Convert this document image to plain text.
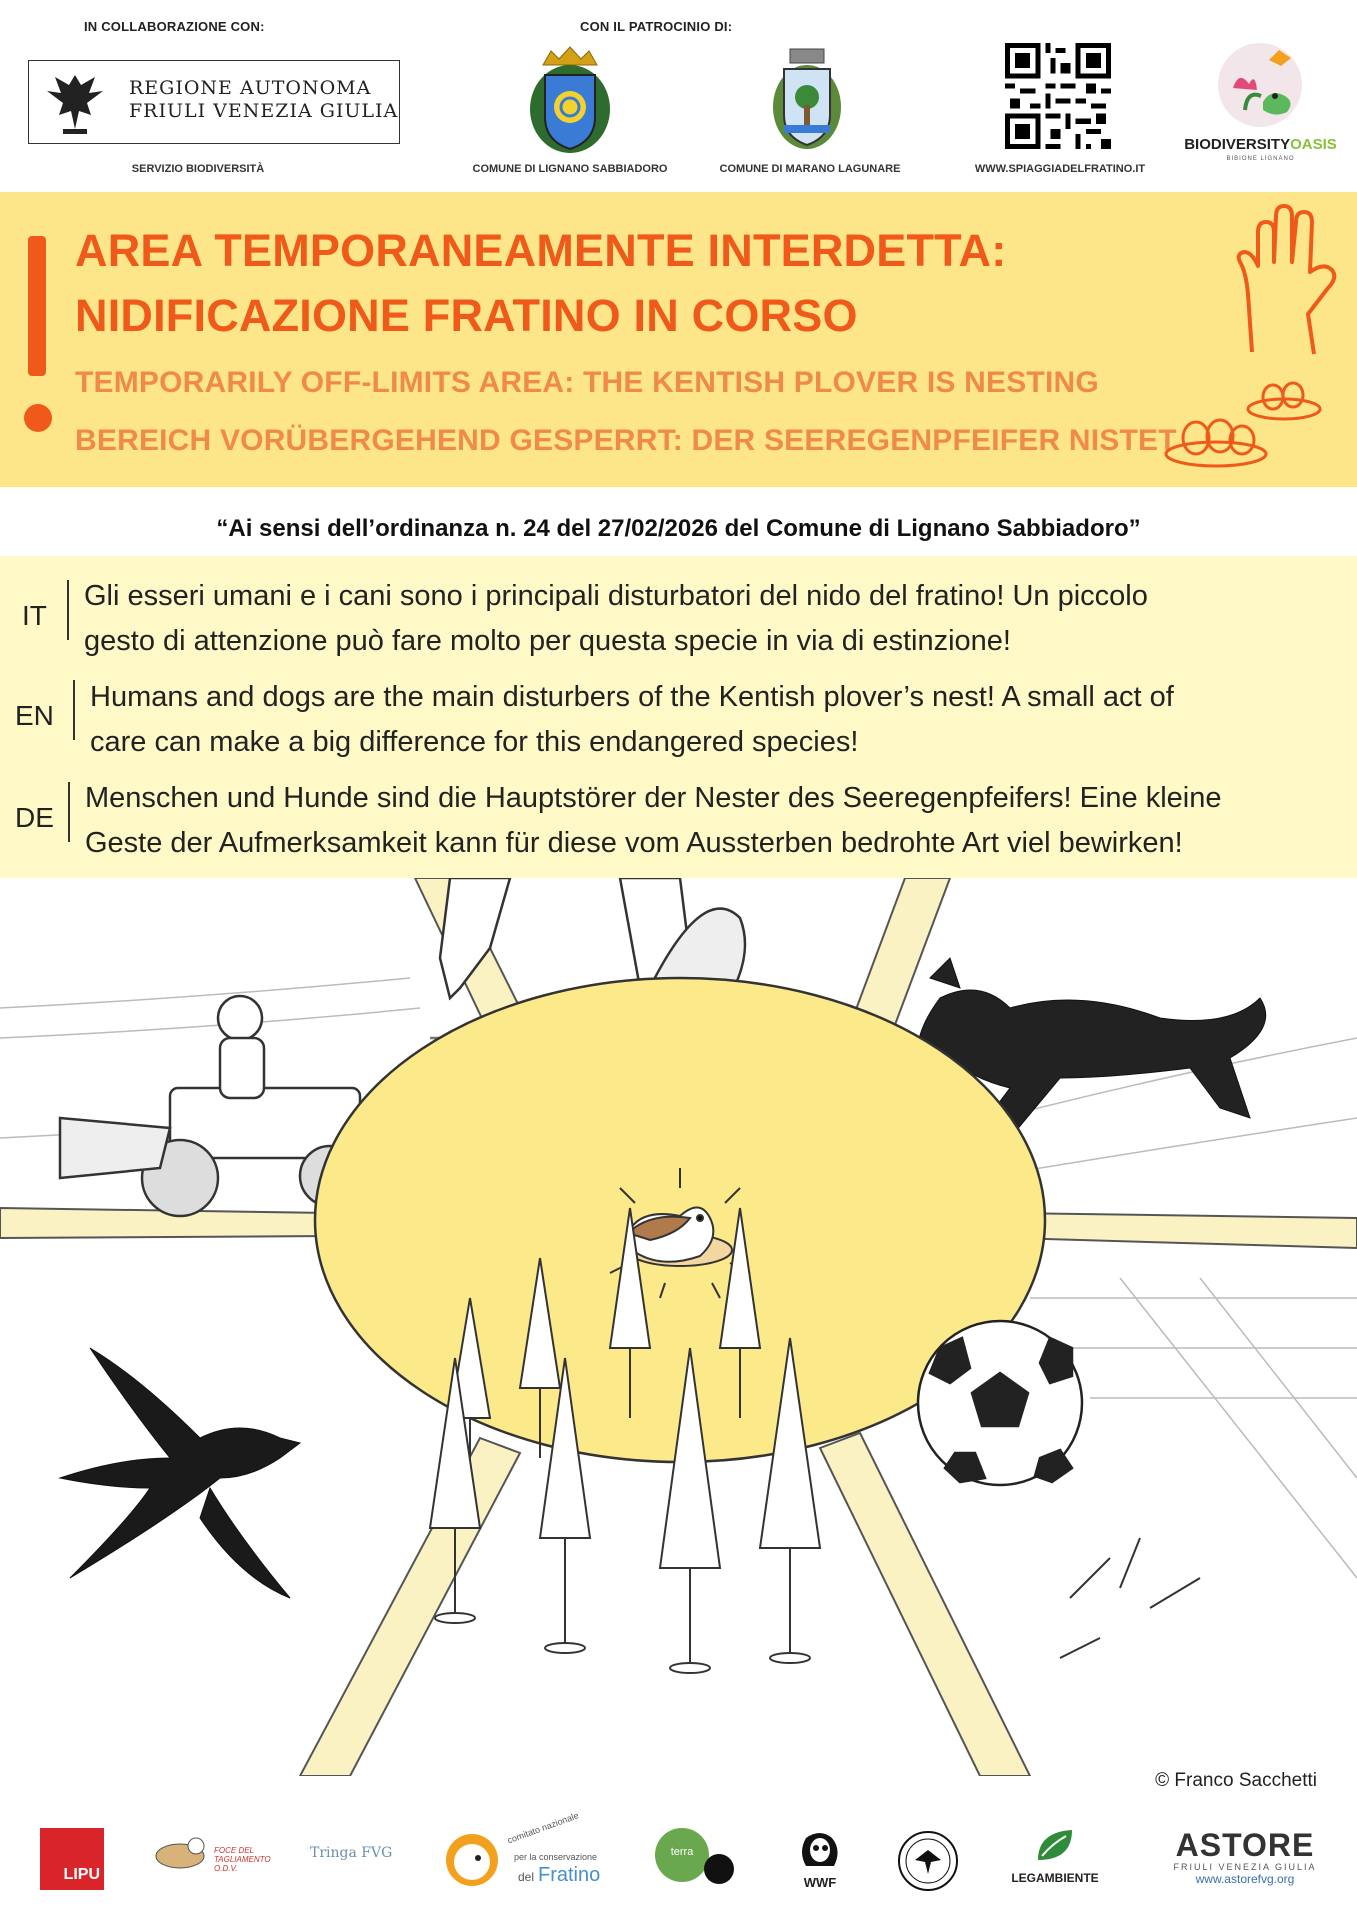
IN COLLABORAZIONE CON:	CON IL PATROCINIO DI:
REGIONE AUTONOMA
FRIULI VENEZIA GIULIA
SERVIZIO BIODIVERSITÀ	COMUNE DI LIGNANO SABBIADORO	COMUNE DI MARANO LAGUNARE	WWW.SPIAGGIADELFRATINO.IT
BIODIVERSITYOASIS
BIBIONE LIGNANO
AREA TEMPORANEAMENTE INTERDETTA:
NIDIFICAZIONE FRATINO IN CORSO
TEMPORARILY OFF-LIMITS AREA: THE KENTISH PLOVER IS NESTING
BEREICH VORÜBERGEHEND GESPERRT: DER SEEREGENPFEIFER NISTET
“Ai sensi dell’ordinanza n. 24 del 27/02/2026 del Comune di Lignano Sabbiadoro”
IT
Gli esseri umani e i cani sono i principali disturbatori del nido del fratino! Un piccolo
gesto di attenzione può fare molto per questa specie in via di estinzione!
EN
Humans and dogs are the main disturbers of the Kentish plover’s nest! A small act of
care can make a big difference for this endangered species!
DE
Menschen und Hunde sind die Hauptstörer der Nester des Seeregenpfeifers! Eine kleine
Geste der Aufmerksamkeit kann für diese vom Aussterben bedrohte Art viel bewirken!
© Franco Sacchetti
LIPU
FOCE DEL
TAGLIAMENTO
O.D.V.
Tringa FVG
comitato nazionale
per la conservazione
del Fratino
terra
WWF	LEGAMBIENTE
ASTORE
FRIULI VENEZIA GIULIA
www.astorefvg.org
